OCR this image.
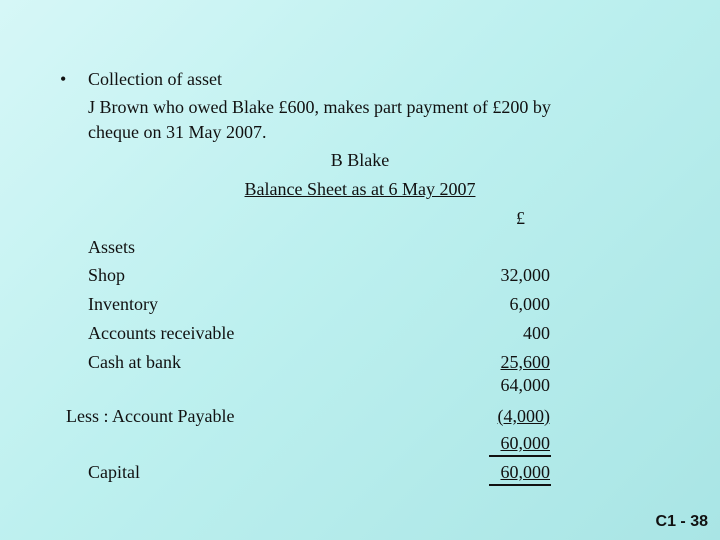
• Collection of asset
J Brown who owed Blake £600, makes part payment of £200 by
cheque on 31 May 2007.
B Blake
Balance Sheet as at 6 May 2007
£
Assets
Shop	32,000
Inventory	6,000
Accounts receivable	400
Cash at bank	25,600
64,000
Less : Account Payable	(4,000)
60,000
Capital	60,000
C1 - 38
